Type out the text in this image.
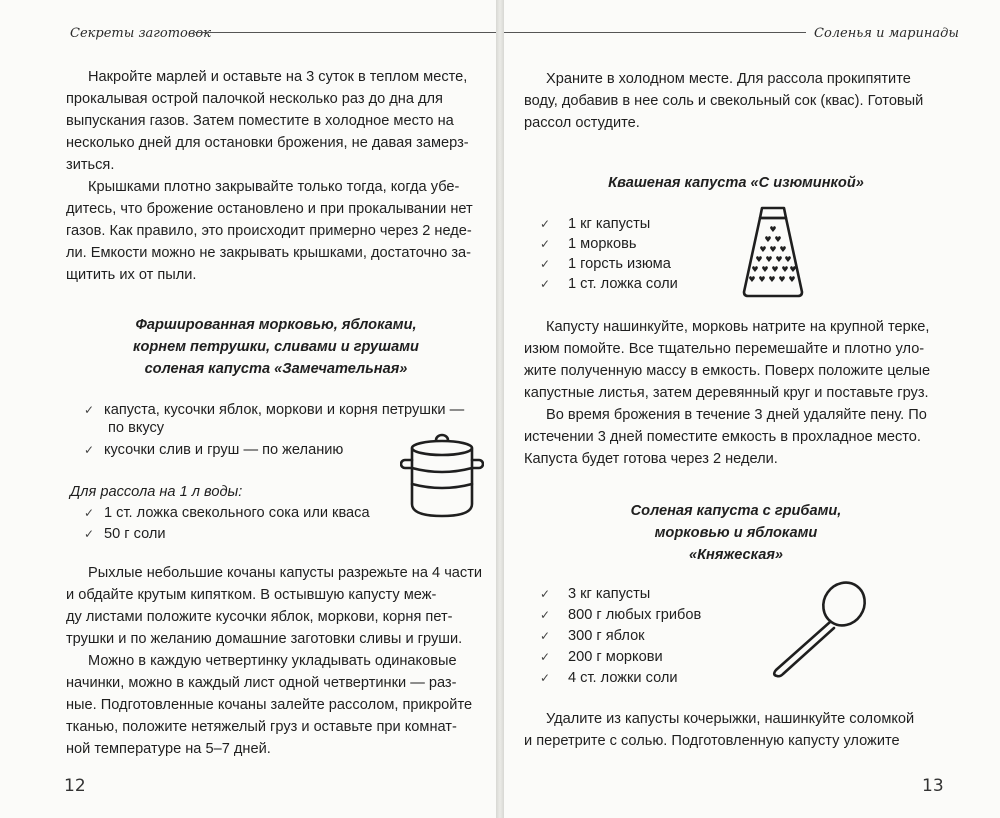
Секреты заготовок

Накройте марлей и оставьте на 3 суток в теплом месте,
прокалывая острой палочкой несколько раз до дна для
выпускания газов. Затем поместите в холодное место на
несколько дней для остановки брожения, не давая замерз-
зиться.

Крышками плотно закрывайте только тогда, когда убе-
дитесь, что брожение остановлено и при прокалывании нет
газов. Как правило, это происходит примерно через 2 неде-
ли. Емкости можно не закрывать крышками, достаточно за-
щитить их от пыли.

Фаршированная морковью, яблоками,
корнем петрушки, сливами и грушами
соленая капуста «Замечательная»
✓ капуста, кусочки яблок, моркови и корня петрушки —
по вкусу
✓ кусочки слив и груш — по желанию
Для рассола на 1 л воды:
✓ 1 ст. ложка свекольного сока или кваса
✓ 50 г соли

Рыхлые небольшие кочаны капусты разрежьте на 4 части
и обдайте крутым кипятком. В остывшую капусту меж-
ду листами положите кусочки яблок, моркови, корня пет-
трушки и по желанию домашние заготовки сливы и груши.

Можно в каждую четвертинку укладывать одинаковые
начинки, можно в каждый лист одной четвертинки — раз-
ные. Подготовленные кочаны залейте рассолом, прикройте
тканью, положите нетяжелый груз и оставьте при комнат-
ной температуре на 5–7 дней.

12
Соленья и маринады

Храните в холодном месте. Для рассола прокипятите
воду, добавив в нее соль и свекольный сок (квас). Готовый
рассол остудите.

Квашеная капуста «С изюминкой»
✓ 1 кг капусты
✓ 1 морковь
✓ 1 горсть изюма
✓ 1 ст. ложка соли
♥
♥ ♥
♥ ♥ ♥
♥ ♥ ♥ ♥
♥ ♥ ♥ ♥ ♥
♥ ♥ ♥ ♥ ♥

Капусту нашинкуйте, морковь натрите на крупной терке,
изюм помойте. Все тщательно перемешайте и плотно уло-
жите полученную массу в емкость. Поверх положите целые
капустные листья, затем деревянный круг и поставьте груз.

Во время брожения в течение 3 дней удаляйте пену. По
истечении 3 дней поместите емкость в прохладное место.
Капуста будет готова через 2 недели.

Соленая капуста с грибами,
морковью и яблоками
«Княжеская»
✓ 3 кг капусты
✓ 800 г любых грибов
✓ 300 г яблок
✓ 200 г моркови
✓ 4 ст. ложки соли

Удалите из капусты кочерыжки, нашинкуйте соломкой
и перетрите с солью. Подготовленную капусту уложите

13
